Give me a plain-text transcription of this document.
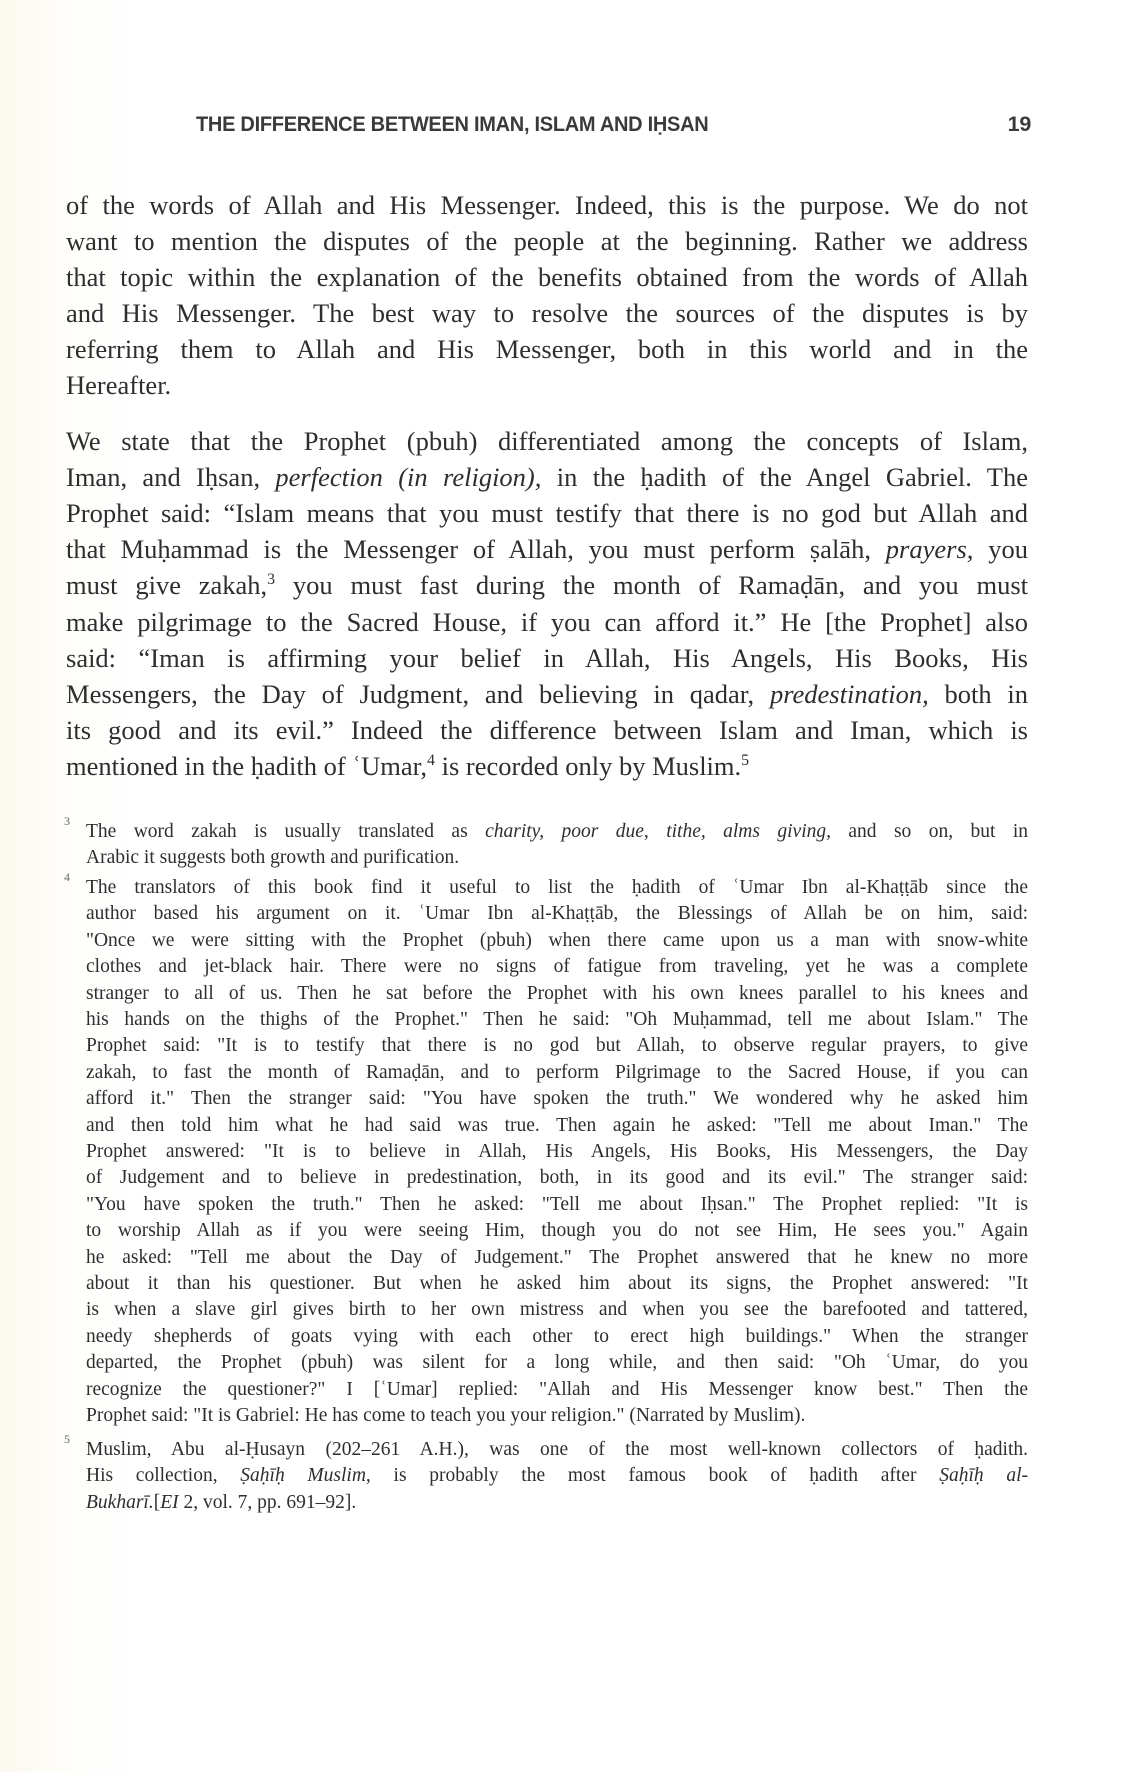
THE DIFFERENCE BETWEEN IMAN, ISLAM AND IḤSAN	19
of the words of Allah and His Messenger. Indeed, this is the purpose. We do not
want to mention the disputes of the people at the beginning. Rather we address
that topic within the explanation of the benefits obtained from the words of Allah
and His Messenger. The best way to resolve the sources of the disputes is by
referring them to Allah and His Messenger, both in this world and in the
Hereafter.
We state that the Prophet (pbuh) differentiated among the concepts of Islam,
Iman, and Iḥsan, perfection (in religion), in the ḥadith of the Angel Gabriel. The
Prophet said: “Islam means that you must testify that there is no god but Allah and
that Muḥammad is the Messenger of Allah, you must perform ṣalāh, prayers, you
must give zakah,$^3$ you must fast during the month of Ramaḍān, and you must
make pilgrimage to the Sacred House, if you can afford it.” He [the Prophet] also
said: “Iman is affirming your belief in Allah, His Angels, His Books, His
Messengers, the Day of Judgment, and believing in qadar, predestination, both in
its good and its evil.” Indeed the difference between Islam and Iman, which is
mentioned in the ḥadith of ʿUmar,$^4$ is recorded only by Muslim.$^5$
3 The word zakah is usually translated as charity, poor due, tithe, alms giving, and so on, but in
Arabic it suggests both growth and purification.
4 The translators of this book find it useful to list the ḥadith of ʿUmar Ibn al-Khaṭṭāb since the
author based his argument on it. ʿUmar Ibn al-Khaṭṭāb, the Blessings of Allah be on him, said:
"Once we were sitting with the Prophet (pbuh) when there came upon us a man with snow-white
clothes and jet-black hair. There were no signs of fatigue from traveling, yet he was a complete
stranger to all of us. Then he sat before the Prophet with his own knees parallel to his knees and
his hands on the thighs of the Prophet." Then he said: "Oh Muḥammad, tell me about Islam." The
Prophet said: "It is to testify that there is no god but Allah, to observe regular prayers, to give
zakah, to fast the month of Ramaḍān, and to perform Pilgrimage to the Sacred House, if you can
afford it." Then the stranger said: "You have spoken the truth." We wondered why he asked him
and then told him what he had said was true. Then again he asked: "Tell me about Iman." The
Prophet answered: "It is to believe in Allah, His Angels, His Books, His Messengers, the Day
of Judgement and to believe in predestination, both, in its good and its evil." The stranger said:
"You have spoken the truth." Then he asked: "Tell me about Iḥsan." The Prophet replied: "It is
to worship Allah as if you were seeing Him, though you do not see Him, He sees you." Again
he asked: "Tell me about the Day of Judgement." The Prophet answered that he knew no more
about it than his questioner. But when he asked him about its signs, the Prophet answered: "It
is when a slave girl gives birth to her own mistress and when you see the barefooted and tattered,
needy shepherds of goats vying with each other to erect high buildings." When the stranger
departed, the Prophet (pbuh) was silent for a long while, and then said: "Oh ʿUmar, do you
recognize the questioner?" I [ʿUmar] replied: "Allah and His Messenger know best." Then the
Prophet said: "It is Gabriel: He has come to teach you your religion." (Narrated by Muslim).
5 Muslim, Abu al-Ḥusayn (202–261 A.H.), was one of the most well-known collectors of ḥadith.
His collection, Ṣaḥīḥ Muslim, is probably the most famous book of ḥadith after Ṣaḥīḥ al-
Bukharī.[EI 2, vol. 7, pp. 691–92].
